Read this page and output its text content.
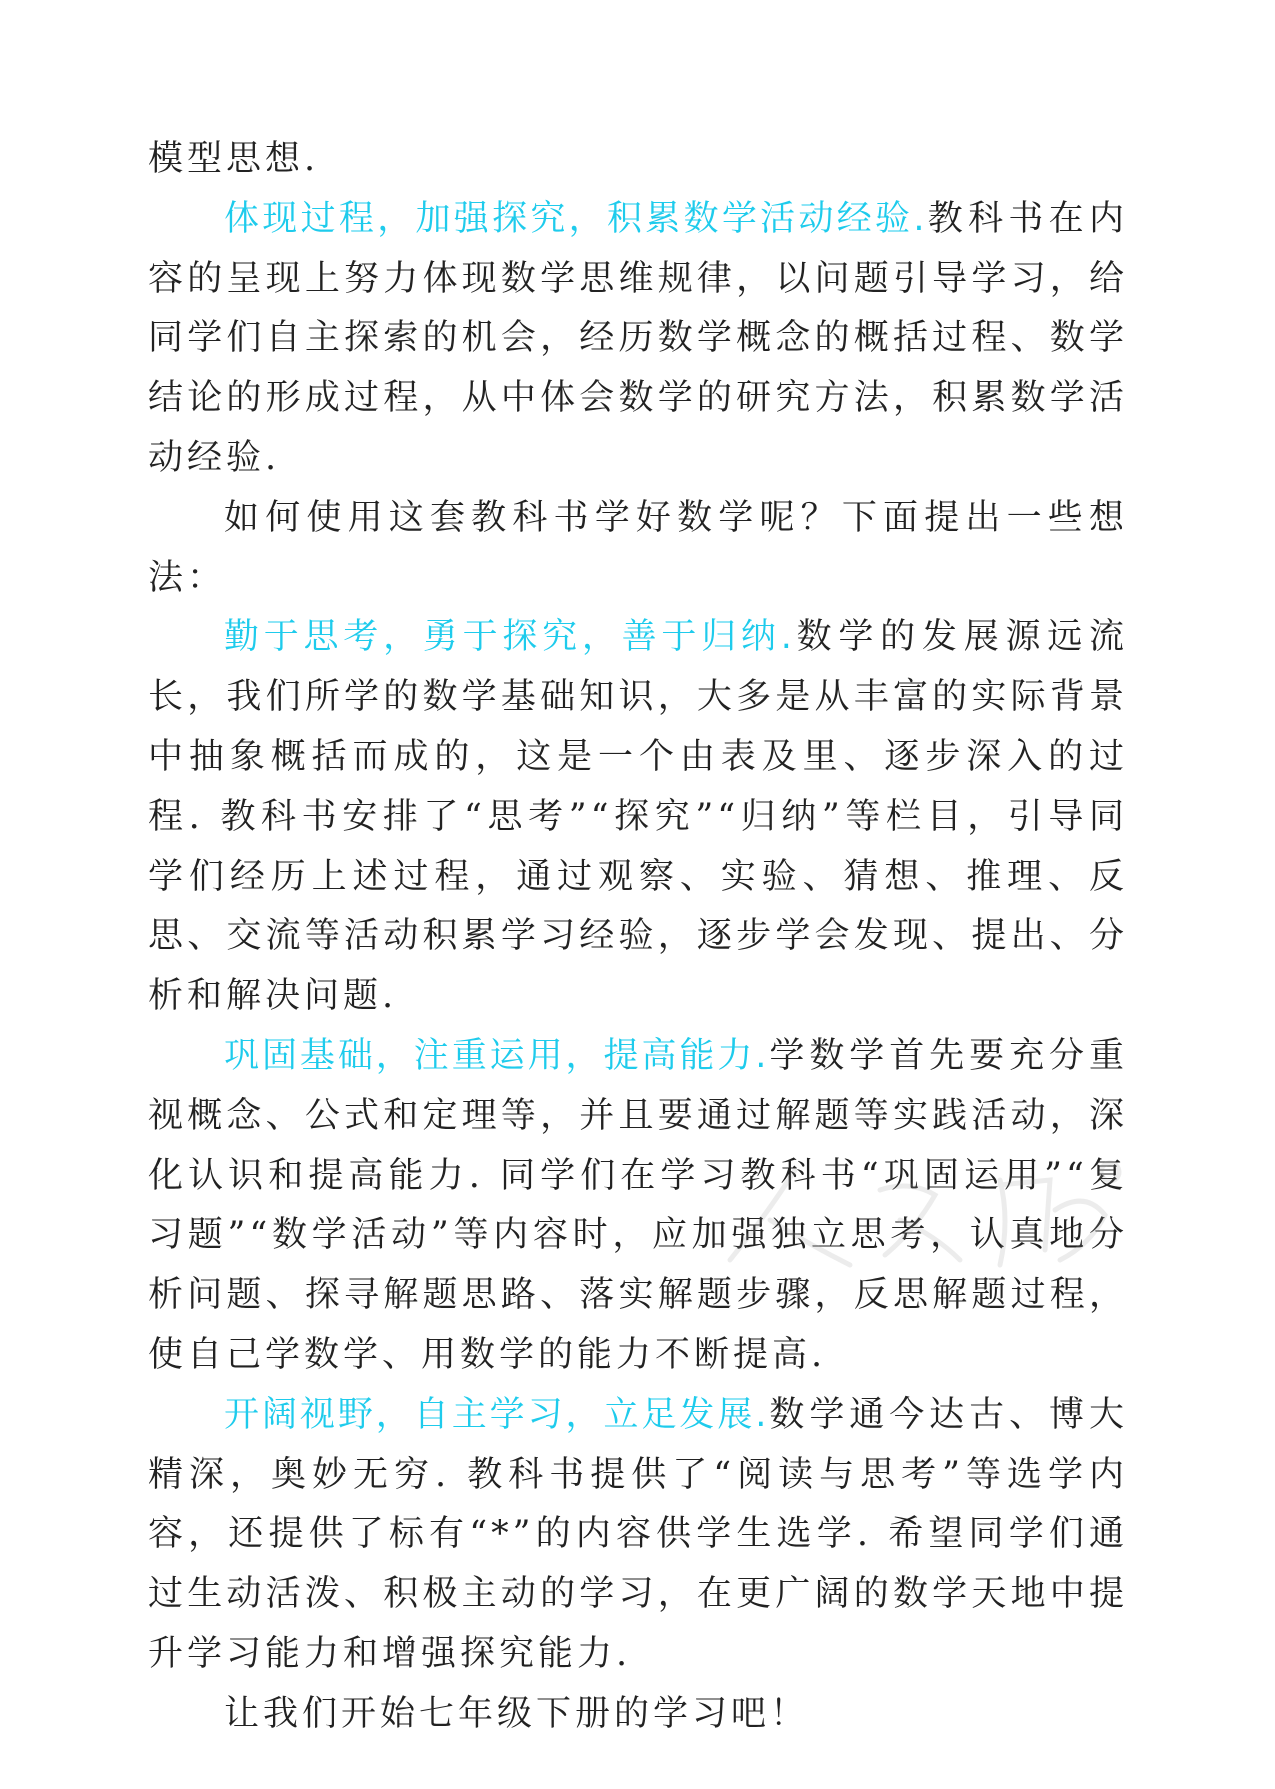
模型思想.

体现过程，加强探究，积累数学活动经验.教科书在内容的呈现上努力体现数学思维规律，以问题引导学习，给同学们自主探索的机会，经历数学概念的概括过程、数学结论的形成过程，从中体会数学的研究方法，积累数学活动经验.

如何使用这套教科书学好数学呢？下面提出一些想法：

勤于思考，勇于探究，善于归纳.数学的发展源远流长，我们所学的数学基础知识，大多是从丰富的实际背景中抽象概括而成的，这是一个由表及里、逐步深入的过程. 教科书安排了“思考”“探究”“归纳”等栏目，引导同学们经历上述过程，通过观察、实验、猜想、推理、反思、交流等活动积累学习经验，逐步学会发现、提出、分析和解决问题.

巩固基础，注重运用，提高能力.学数学首先要充分重视概念、公式和定理等，并且要通过解题等实践活动，深化认识和提高能力. 同学们在学习教科书“巩固运用”“复习题”“数学活动”等内容时，应加强独立思考，认真地分析问题、探寻解题思路、落实解题步骤，反思解题过程，使自己学数学、用数学的能力不断提高.

开阔视野，自主学习，立足发展.数学通今达古、博大精深，奥妙无穷. 教科书提供了“阅读与思考”等选学内容，还提供了标有“*”的内容供学生选学. 希望同学们通过生动活泼、积极主动的学习，在更广阔的数学天地中提升学习能力和增强探究能力.

让我们开始七年级下册的学习吧！
